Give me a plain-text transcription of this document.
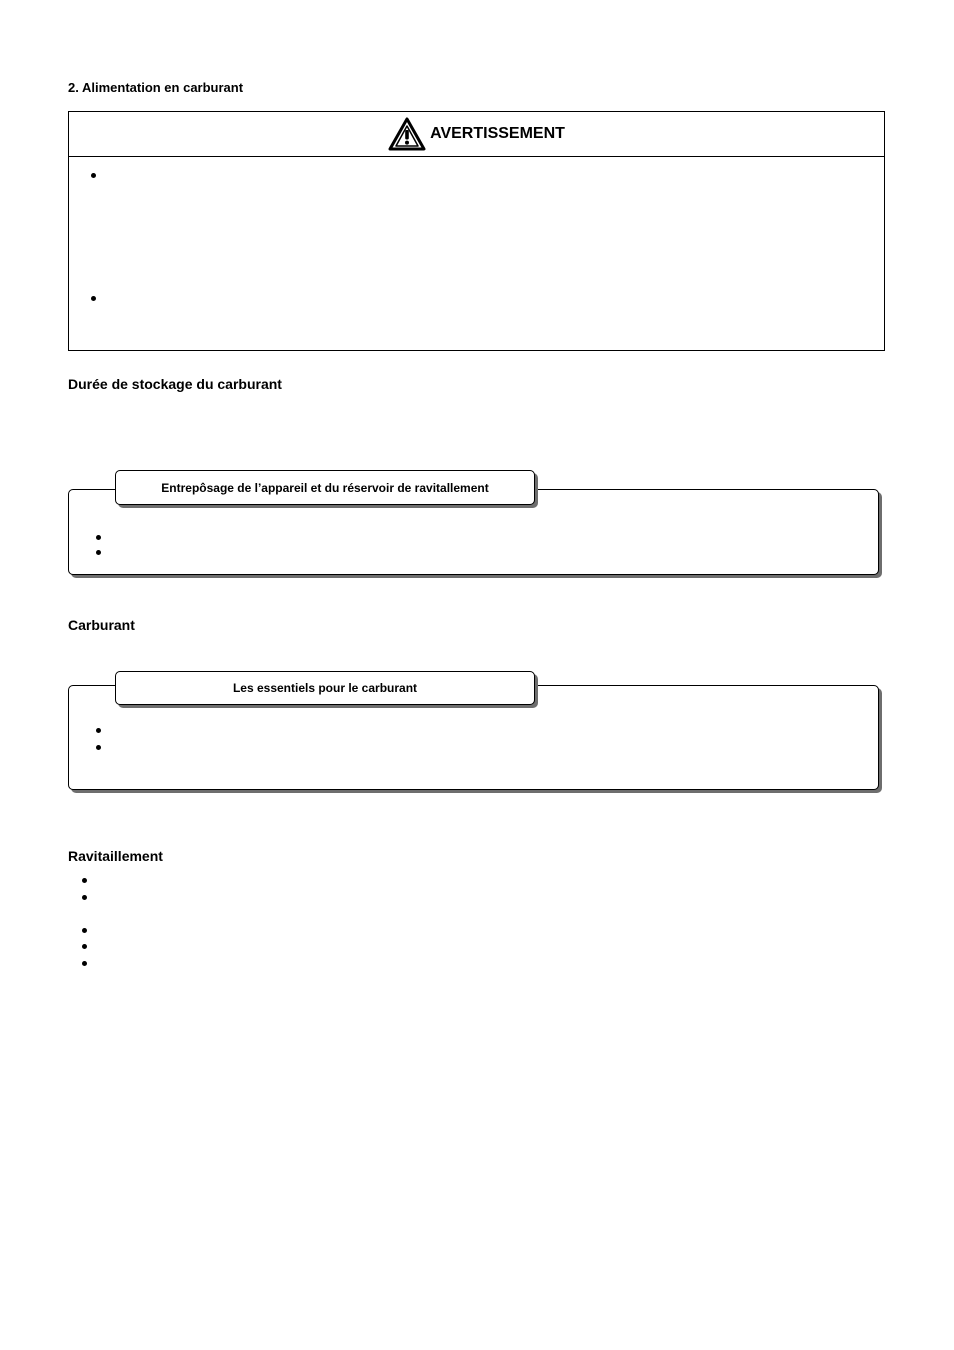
2. Alimentation en carburant
AVERTISSEMENT
Durée de stockage du carburant
Entrepôsage de l’appareil et du réservoir de ravitallement
Carburant
Les essentiels pour le carburant
Ravitaillement
